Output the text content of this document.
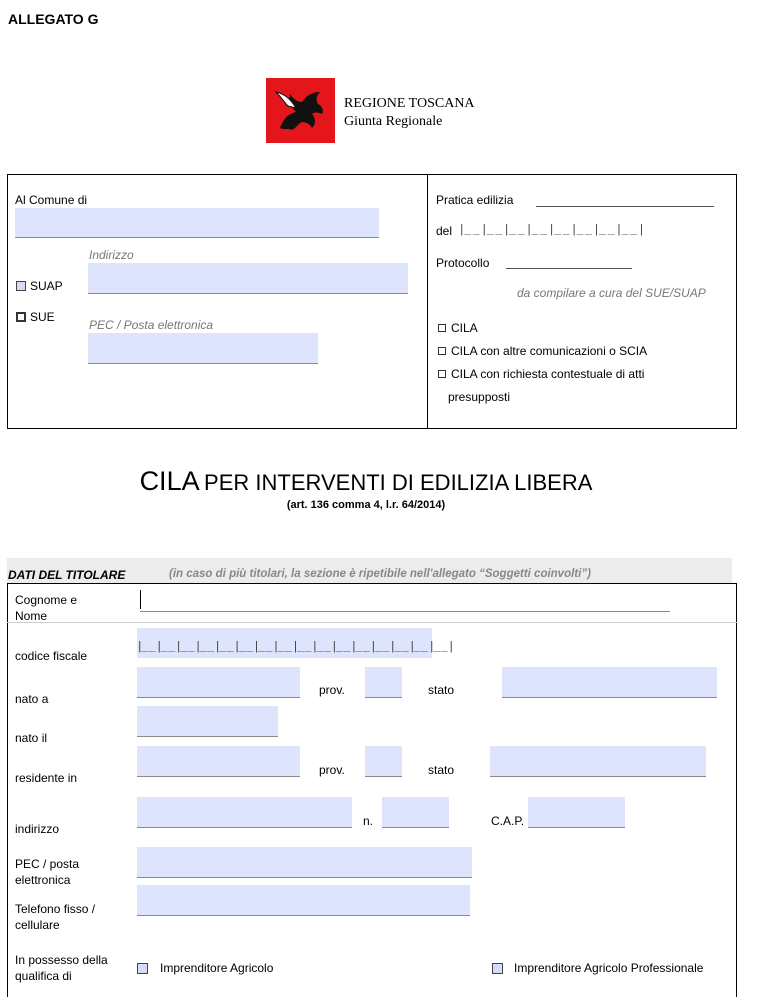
ALLEGATO G
REGIONE TOSCANA
Giunta Regionale
Al Comune di
Indirizzo
SUAP
SUE
PEC / Posta elettronica
Pratica edilizia
del |__|__|__|__|__|__|__|__|
Protocollo
da compilare a cura del SUE/SUAP
CILA
CILA con altre comunicazioni o SCIA
CILA con richiesta contestuale di atti
presupposti
CILA PER INTERVENTI DI EDILIZIA LIBERA
(art. 136 comma 4, l.r. 64/2014)
DATI DEL TITOLARE	(in caso di più titolari, la sezione è ripetibile nell'allegato “Soggetti coinvolti”)
Cognome e
Nome
codice fiscale
|__|__|__|__|__|__|__|__|__|__|__|__|__|__|__|__|
nato a
prov.	stato
nato il
residente in
prov.	stato
indirizzo
n.	C.A.P.
PEC / posta
elettronica
Telefono fisso /
cellulare
In possesso della
qualifica di
Imprenditore Agricolo	Imprenditore Agricolo Professionale
